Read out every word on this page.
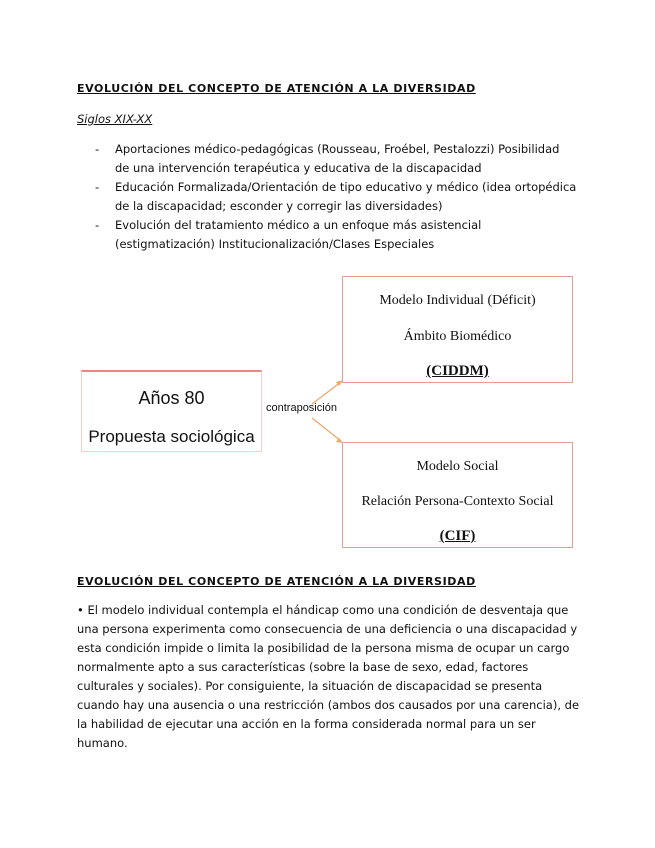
EVOLUCIÓN DEL CONCEPTO DE ATENCIÓN A LA DIVERSIDAD
Siglos XIX-XX
- Aportaciones médico-pedagógicas (Rousseau, Froébel, Pestalozzi) Posibilidad de una intervención terapéutica y educativa de la discapacidad
- Educación Formalizada/Orientación de tipo educativo y médico (idea ortopédica de la discapacidad; esconder y corregir las diversidades)
- Evolución del tratamiento médico a un enfoque más asistencial (estigmatización) Institucionalización/Clases Especiales
Años 80
Propuesta sociológica
contraposición
Modelo Individual (Déficit)
Ámbito Biomédico
(CIDDM)
Modelo Social
Relación Persona-Contexto Social
(CIF)
EVOLUCIÓN DEL CONCEPTO DE ATENCIÓN A LA DIVERSIDAD

• El modelo individual contempla el hándicap como una condición de desventaja que una persona experimenta como consecuencia de una deficiencia o una discapacidad y esta condición impide o limita la posibilidad de la persona misma de ocupar un cargo normalmente apto a sus características (sobre la base de sexo, edad, factores culturales y sociales). Por consiguiente, la situación de discapacidad se presenta cuando hay una ausencia o una restricción (ambos dos causados por una carencia), de la habilidad de ejecutar una acción en la forma considerada normal para un ser humano.
